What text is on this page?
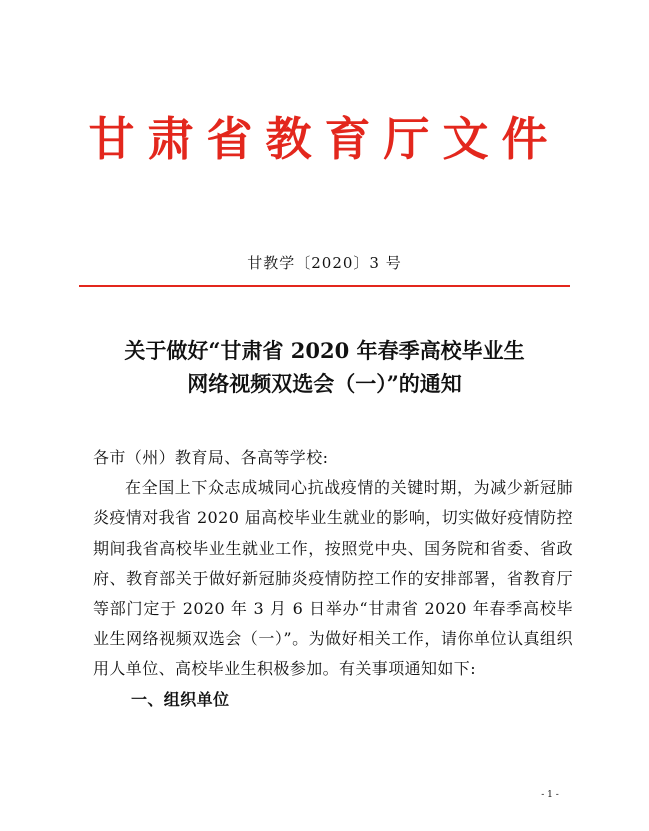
甘肃省教育厅文件
甘教学〔2020〕3 号
关于做好“甘肃省 2020 年春季高校毕业生
网络视频双选会（一）”的通知

各市（州）教育局、各高等学校:

在全国上下众志成城同心抗战疫情的关键时期，为减少新冠肺炎疫情对我省 2020 届高校毕业生就业的影响，切实做好疫情防控期间我省高校毕业生就业工作，按照党中央、国务院和省委、省政府、教育部关于做好新冠肺炎疫情防控工作的安排部署，省教育厅等部门定于 2020 年 3 月 6 日举办“甘肃省 2020 年春季高校毕业生网络视频双选会（一）”。为做好相关工作，请你单位认真组织用人单位、高校毕业生积极参加。有关事项通知如下:

一、组织单位

- 1 -
